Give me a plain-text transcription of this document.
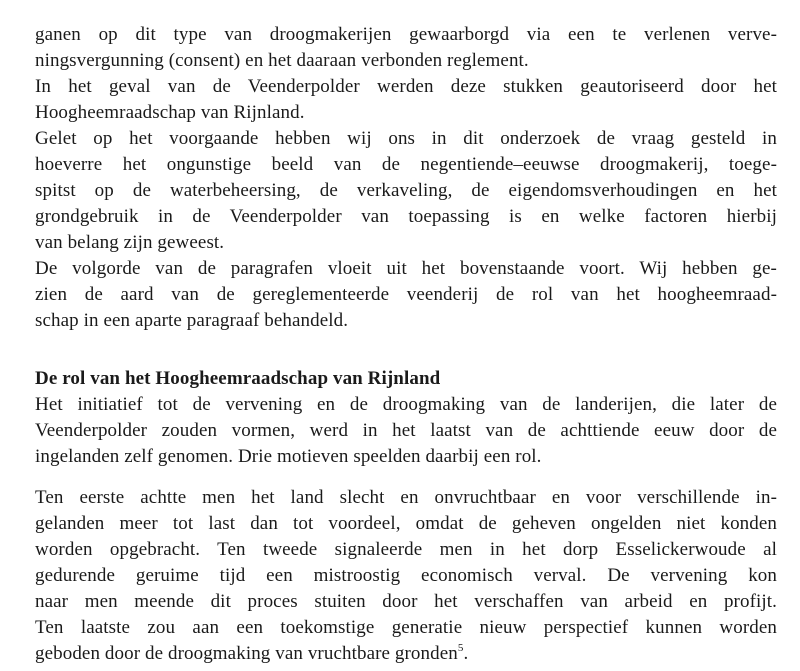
ganen op dit type van droogmakerijen gewaarborgd via een te verlenen verve-
ningsvergunning (consent) en het daaraan verbonden reglement.
In het geval van de Veenderpolder werden deze stukken geautoriseerd door het
Hoogheemraadschap van Rijnland.
Gelet op het voorgaande hebben wij ons in dit onderzoek de vraag gesteld in
hoeverre het ongunstige beeld van de negentiende–eeuwse droogmakerij, toege-
spitst op de waterbeheersing, de verkaveling, de eigendomsverhoudingen en het
grondgebruik in de Veenderpolder van toepassing is en welke factoren hierbij
van belang zijn geweest.
De volgorde van de paragrafen vloeit uit het bovenstaande voort. Wij hebben ge-
zien de aard van de gereglementeerde veenderij de rol van het hoogheemraad-
schap in een aparte paragraaf behandeld.
De rol van het Hoogheemraadschap van Rijnland
Het initiatief tot de vervening en de droogmaking van de landerijen, die later de
Veenderpolder zouden vormen, werd in het laatst van de achttiende eeuw door de
ingelanden zelf genomen. Drie motieven speelden daarbij een rol.
Ten eerste achtte men het land slecht en onvruchtbaar en voor verschillende in-
gelanden meer tot last dan tot voordeel, omdat de geheven ongelden niet konden
worden opgebracht. Ten tweede signaleerde men in het dorp Esselickerwoude al
gedurende geruime tijd een mistroostig economisch verval. De vervening kon
naar men meende dit proces stuiten door het verschaffen van arbeid en profijt.
Ten laatste zou aan een toekomstige generatie nieuw perspectief kunnen worden
geboden door de droogmaking van vruchtbare gronden$^5$.
